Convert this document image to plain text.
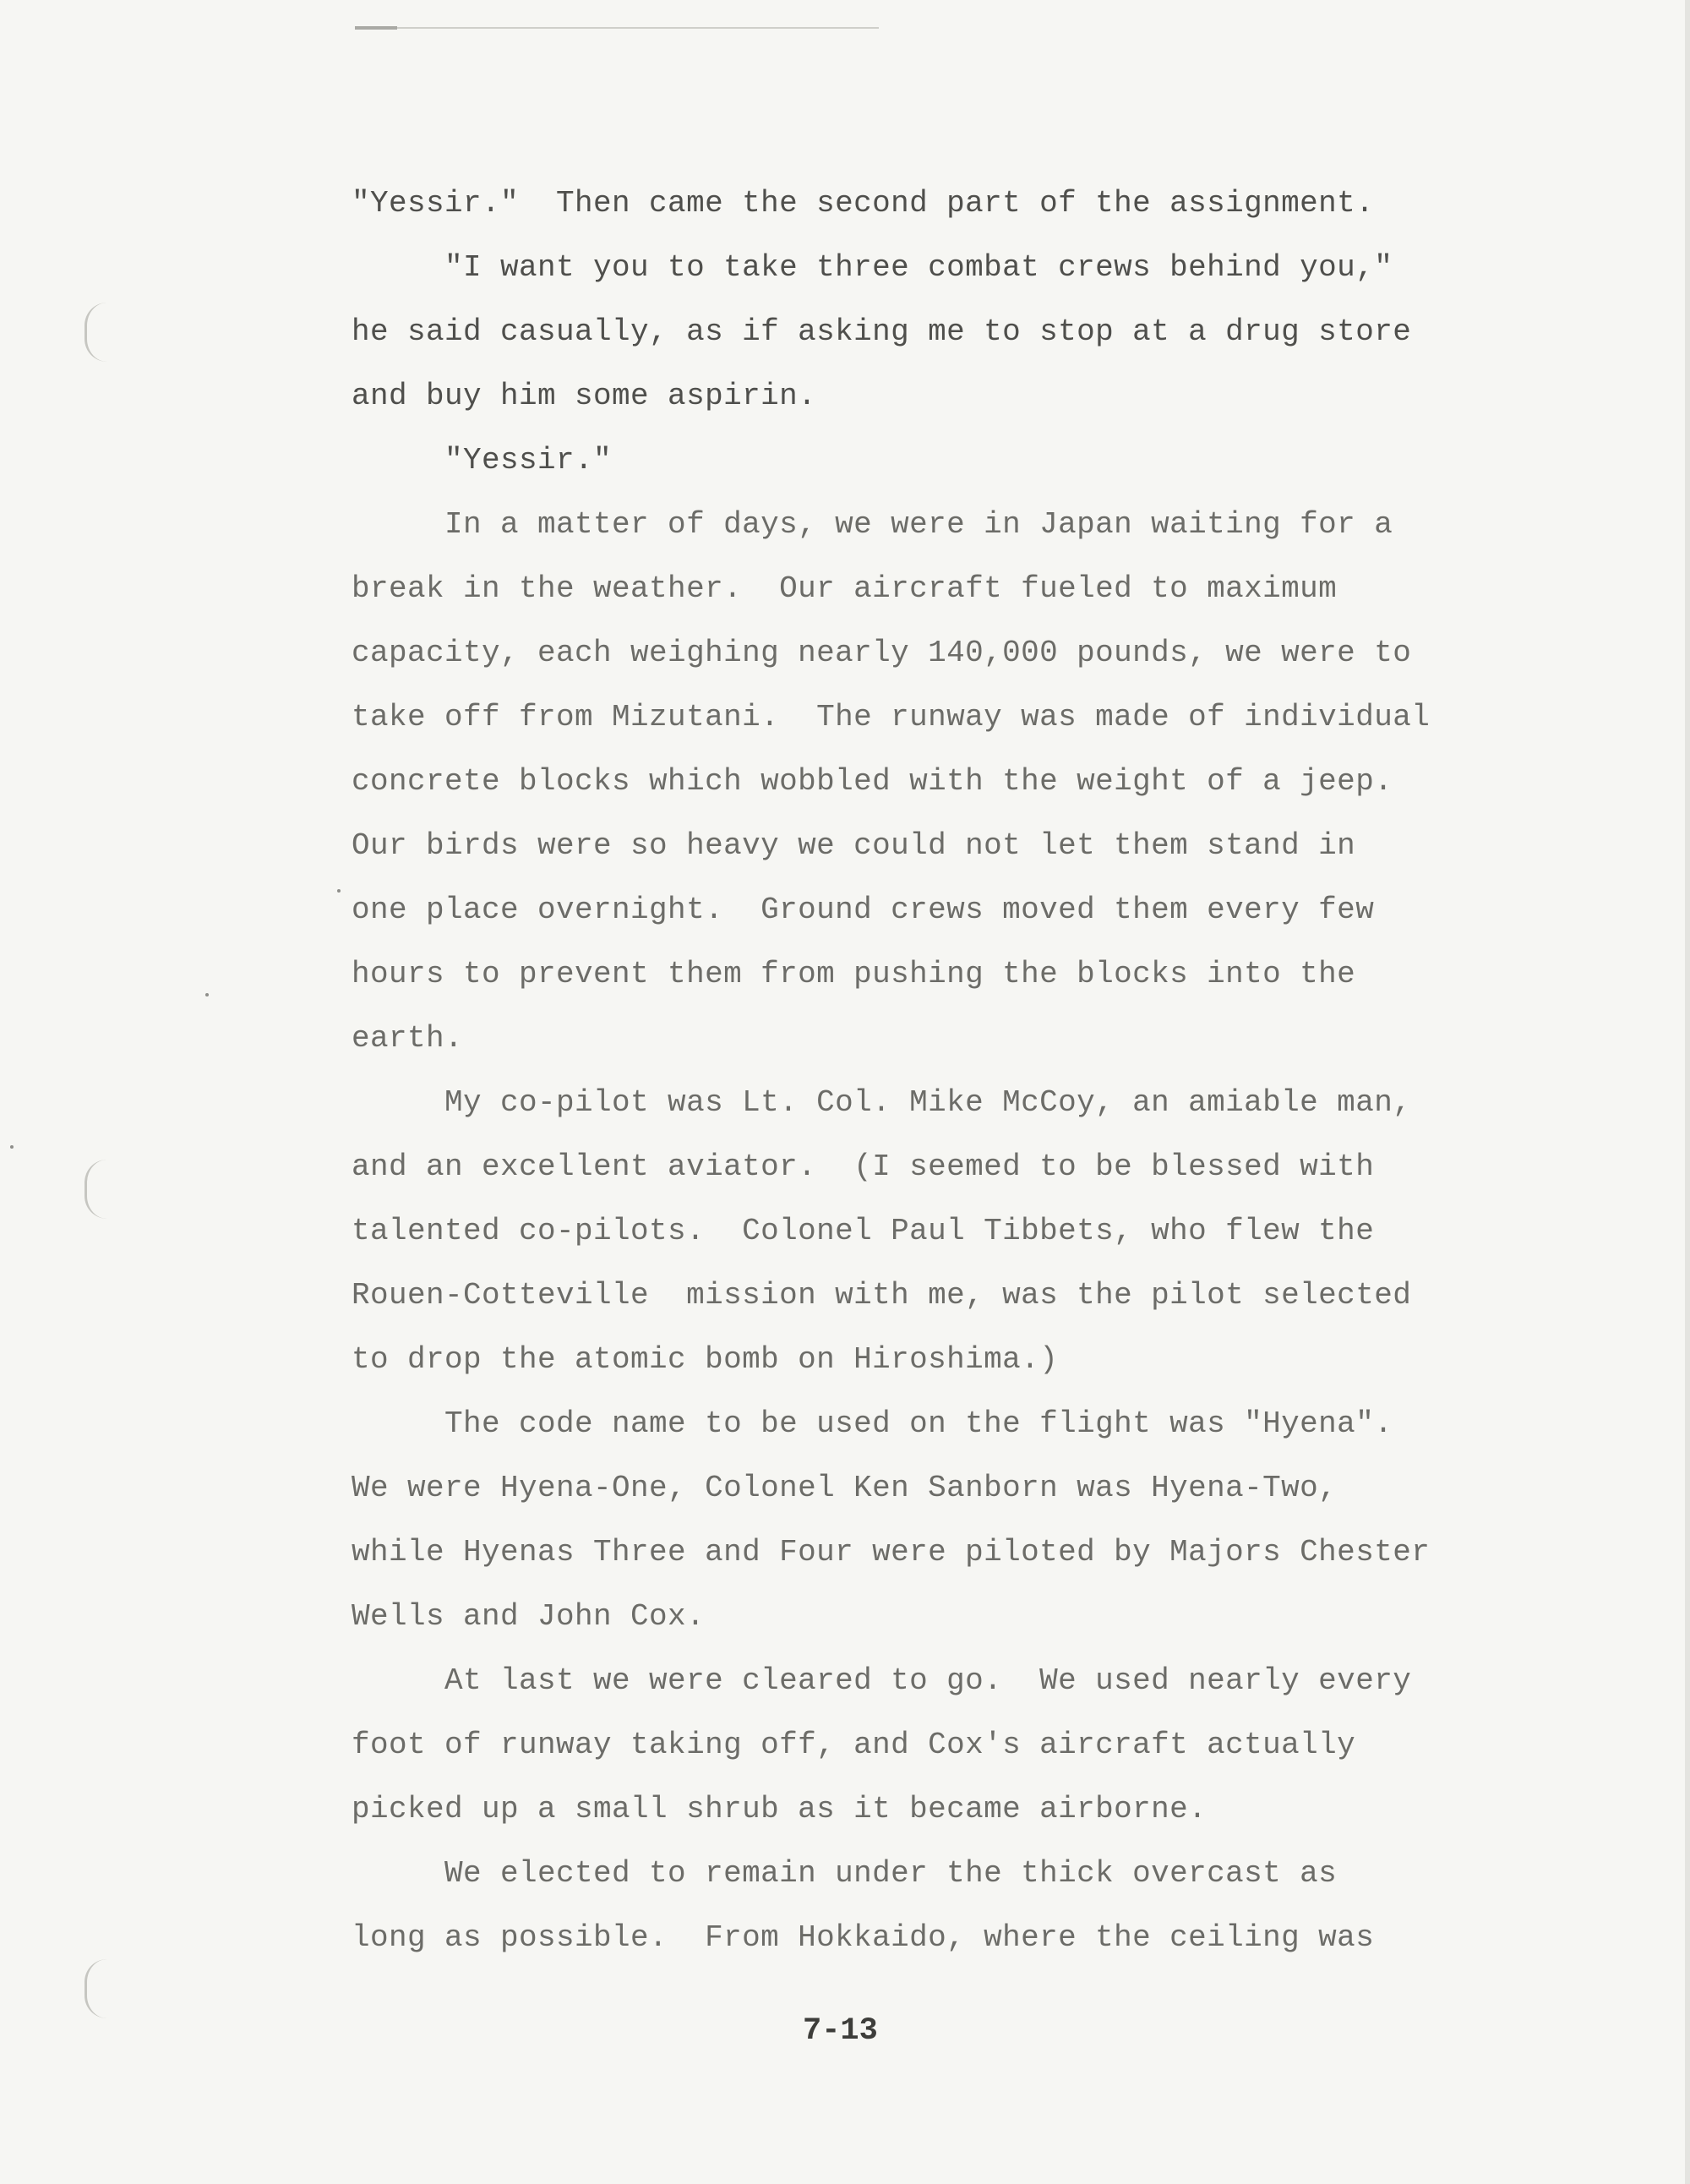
"Yessir."  Then came the second part of the assignment.
"I want you to take three combat crews behind you,"
he said casually, as if asking me to stop at a drug store
and buy him some aspirin.
"Yessir."
In a matter of days, we were in Japan waiting for a
break in the weather.  Our aircraft fueled to maximum
capacity, each weighing nearly 140,000 pounds, we were to
take off from Mizutani.  The runway was made of individual
concrete blocks which wobbled with the weight of a jeep.
Our birds were so heavy we could not let them stand in
one place overnight.  Ground crews moved them every few
hours to prevent them from pushing the blocks into the
earth.
My co-pilot was Lt. Col. Mike McCoy, an amiable man,
and an excellent aviator.  (I seemed to be blessed with
talented co-pilots.  Colonel Paul Tibbets, who flew the
Rouen-Cotteville  mission with me, was the pilot selected
to drop the atomic bomb on Hiroshima.)
The code name to be used on the flight was "Hyena".
We were Hyena-One, Colonel Ken Sanborn was Hyena-Two,
while Hyenas Three and Four were piloted by Majors Chester
Wells and John Cox.
At last we were cleared to go.  We used nearly every
foot of runway taking off, and Cox's aircraft actually
picked up a small shrub as it became airborne.
We elected to remain under the thick overcast as
long as possible.  From Hokkaido, where the ceiling was
7-13
